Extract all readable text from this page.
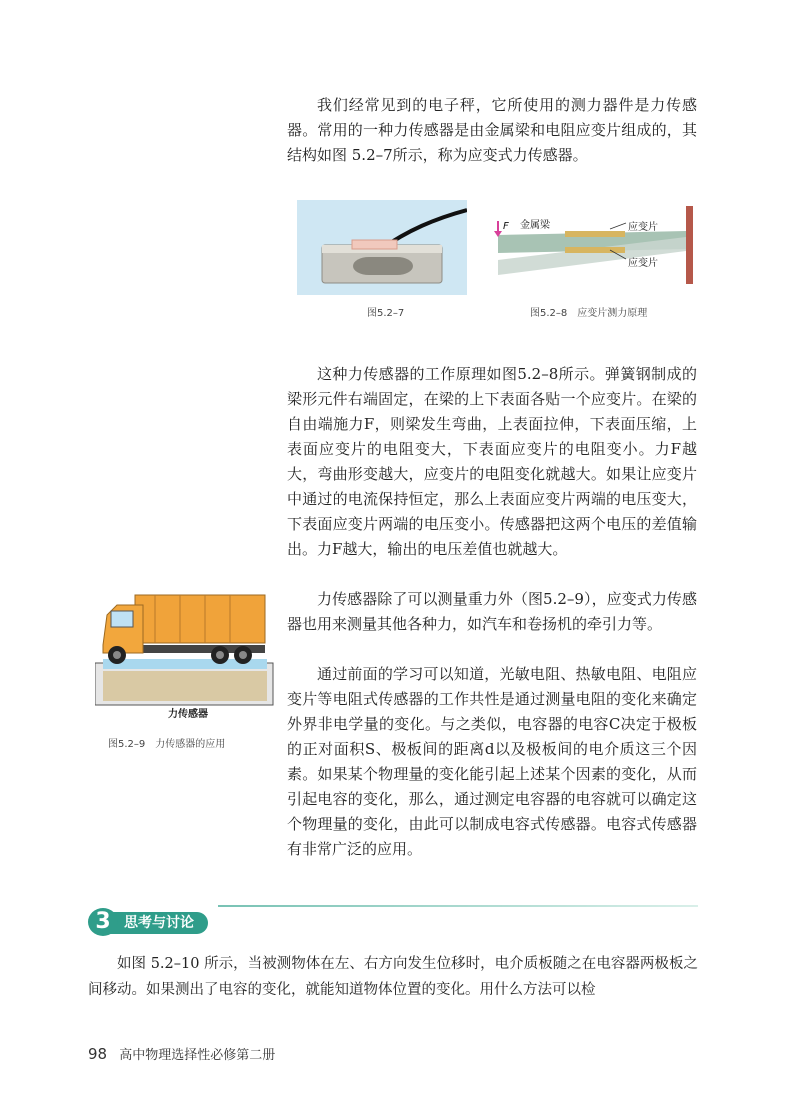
我们经常见到的电子秤，它所使用的测力器件是力传感器。常用的一种力传感器是由金属梁和电阻应变片组成的，其结构如图 5.2–7所示，称为应变式力传感器。

图5.2–7
F 金属梁	应变片
应变片
图5.2–8　应变片测力原理

这种力传感器的工作原理如图5.2–8所示。弹簧钢制成的梁形元件右端固定，在梁的上下表面各贴一个应变片。在梁的自由端施力F，则梁发生弯曲，上表面拉伸，下表面压缩，上表面应变片的电阻变大，下表面应变片的电阻变小。力F越大，弯曲形变越大，应变片的电阻变化就越大。如果让应变片中通过的电流保持恒定，那么上表面应变片两端的电压变大，下表面应变片两端的电压变小。传感器把这两个电压的差值输出。力F越大，输出的电压差值也就越大。

力传感器除了可以测量重力外（图5.2–9），应变式力传感器也用来测量其他各种力，如汽车和卷扬机的牵引力等。

通过前面的学习可以知道，光敏电阻、热敏电阻、电阻应变片等电阻式传感器的工作共性是通过测量电阻的变化来确定外界非电学量的变化。与之类似，电容器的电容C决定于极板的正对面积S、极板间的距离d以及极板间的电介质这三个因素。如果某个物理量的变化能引起上述某个因素的变化，从而引起电容的变化，那么，通过测定电容器的电容就可以确定这个物理量的变化，由此可以制成电容式传感器。电容式传感器有非常广泛的应用。

力传感器
图5.2–9　力传感器的应用
思考与讨论
3

如图 5.2–10 所示，当被测物体在左、右方向发生位移时，电介质板随之在电容器两极板之间移动。如果测出了电容的变化，就能知道物体位置的变化。用什么方法可以检

98 高中物理选择性必修第二册
